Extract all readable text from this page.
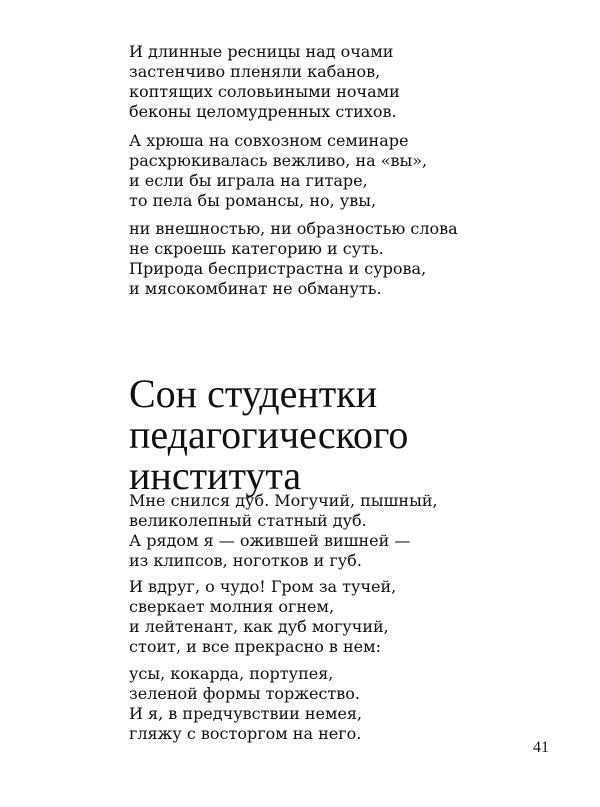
И длинные ресницы над очами
застенчиво пленяли кабанов,
коптящих соловьиными ночами
беконы целомудренных стихов.
А хрюша на совхозном семинаре
расхрюкивалась вежливо, на «вы»,
и если бы играла на гитаре,
то пела бы романсы, но, увы,
ни внешностью, ни образностью слова
не скроешь категорию и суть.
Природа беспристрастна и сурова,
и мясокомбинат не обмануть.
Сон студентки
педагогического
института
Мне снился дуб. Могучий, пышный,
великолепный статный дуб.
А рядом я — ожившей вишней —
из клипсов, ноготков и губ.
И вдруг, о чудо! Гром за тучей,
сверкает молния огнем,
и лейтенант, как дуб могучий,
стоит, и все прекрасно в нем:
усы, кокарда, портупея,
зеленой формы торжество.
И я, в предчувствии немея,
гляжу с восторгом на него.
41
